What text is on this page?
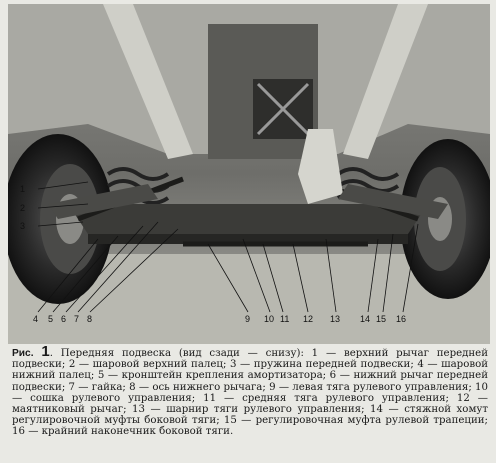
1
2
3
4 5 6 7 8	9 10 11 12 13 14 15 16
Рис. 1. Передняя подвеска (вид сзади — снизу): 1 — верхний рычаг передней подвески; 2 — шаровой верхний палец; 3 — пружина передней подвески; 4 — шаровой нижний палец; 5 — кронштейн крепления амортизатора; 6 — нижний рычаг передней подвески; 7 — гайка; 8 — ось нижнего рычага; 9 — левая тяга рулевого управления; 10 — сошка рулевого управления; 11 — средняя тяга рулевого управления; 12 — маятниковый рычаг; 13 — шарнир тяги рулевого управления; 14 — стяжной хомут регулировочной муфты боковой тяги; 15 — регулировочная муфта рулевой трапеции; 16 — крайний наконечник боковой тяги.
